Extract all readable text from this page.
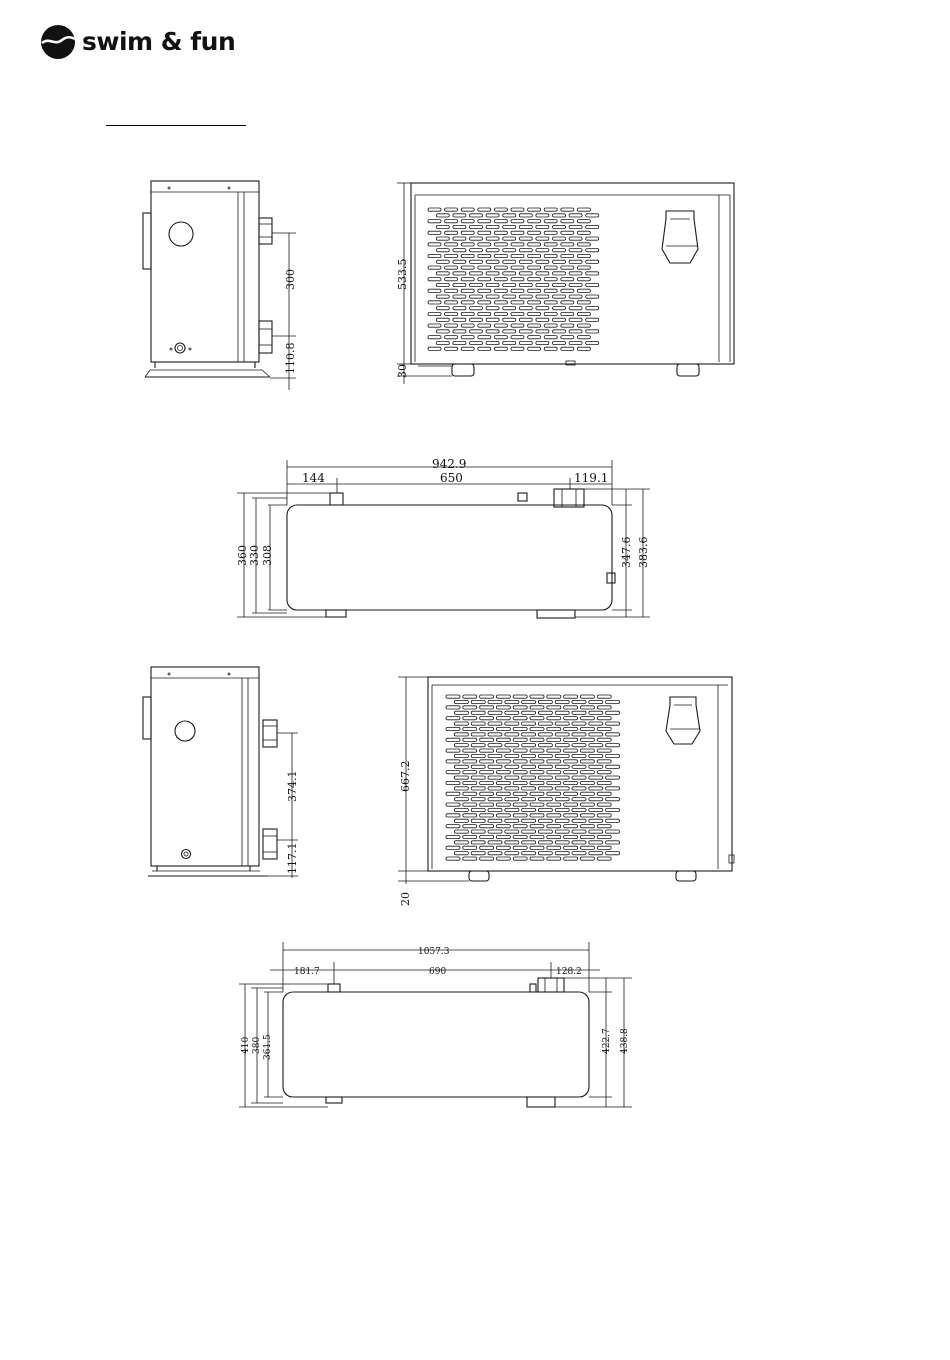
swim & fun
300
110.8
533.5
30
942.9
144	650	119.1
360 330 308	347.6 383.6
374.1
117.1
667.2
20
1057.3
181.7	690	128.2
410 380 361.5	422.7 438.8
